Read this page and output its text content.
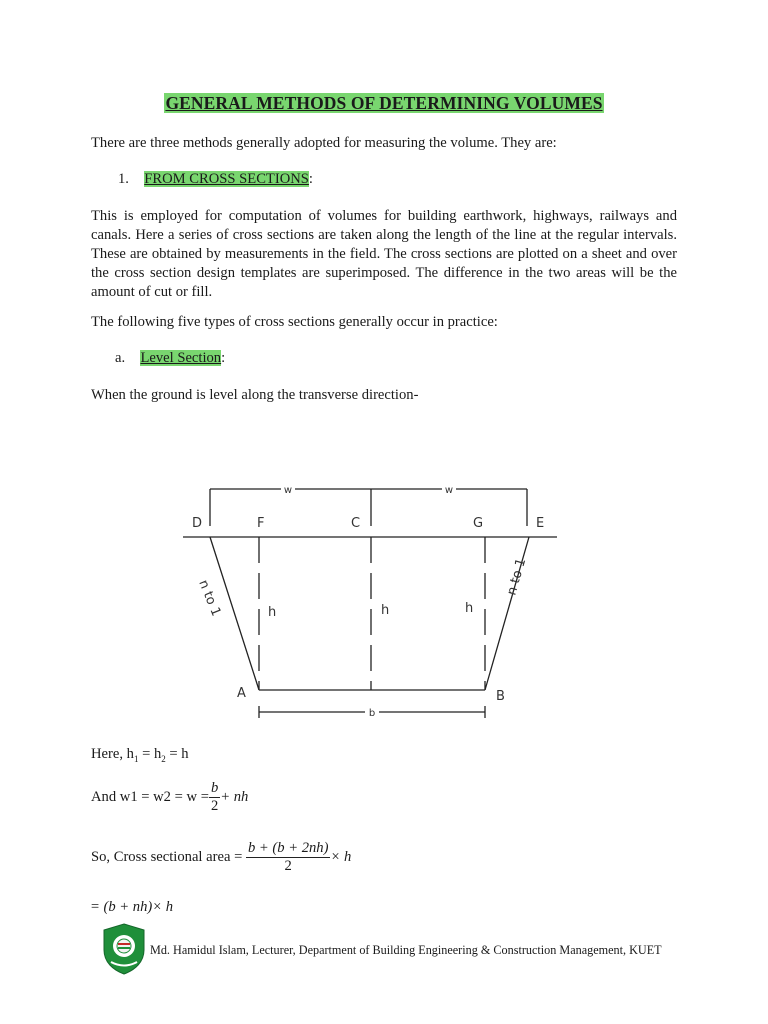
GENERAL METHODS OF DETERMINING VOLUMES
There are three methods generally adopted for measuring the volume. They are:
1. FROM CROSS SECTIONS:
This is employed for computation of volumes for building earthwork, highways, railways and canals. Here a series of cross sections are taken along the length of the line at the regular intervals. These are obtained by measurements in the field. The cross sections are plotted on a sheet and over the cross section design templates are superimposed. The difference in the two areas will be the amount of cut or fill.
The following five types of cross sections generally occur in practice:
a. Level Section:
When the ground is level along the transverse direction-
w	w
D	F	C	G	E
A	B
h	h	h
b
n to 1
n to 1
Here, $h_1 = h_2 = h$
And $w1 = w2 = w = \frac{b}{2}$ + nh
So, Cross sectional area = $\frac{b + (b + 2nh)}{2} \times h$
= (b + nh)× h
Md. Hamidul Islam, Lecturer, Department of Building Engineering & Construction Management, KUET
